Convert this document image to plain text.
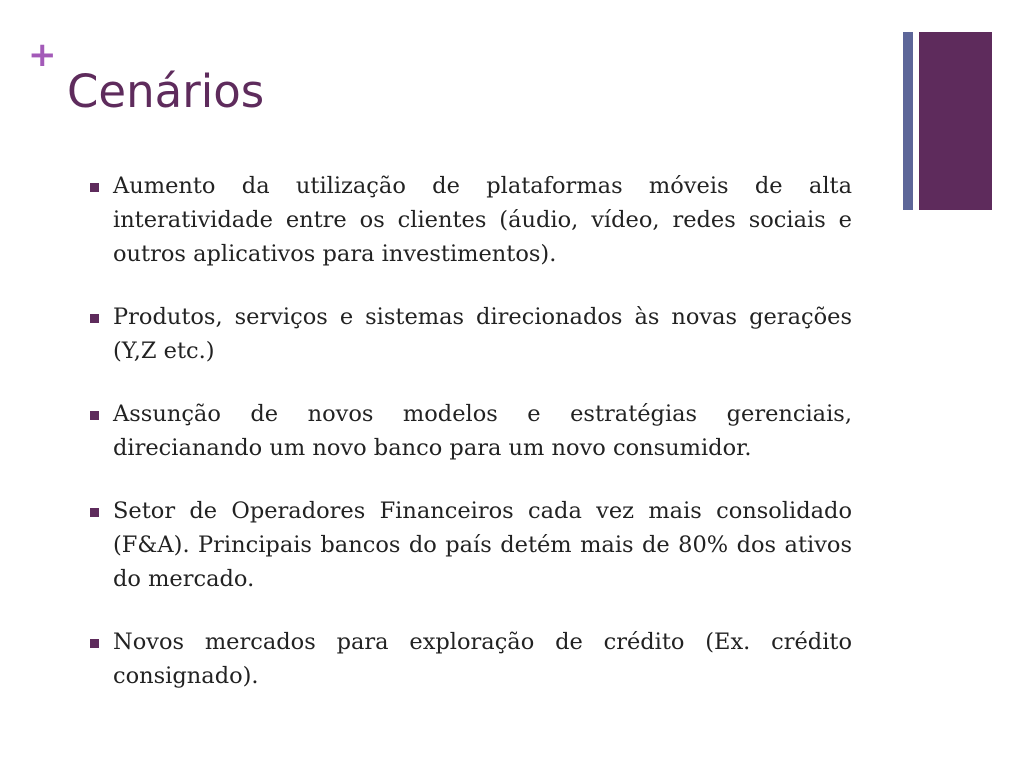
+
Cenários
Aumento da utilização de plataformas móveis de alta interatividade entre os clientes (áudio, vídeo, redes sociais e outros aplicativos para investimentos).
Produtos, serviços e sistemas direcionados às novas gerações (Y,Z etc.)
Assunção de novos modelos e estratégias gerenciais, direcianando um novo banco para um novo consumidor.
Setor de Operadores Financeiros cada vez mais consolidado (F&A). Principais bancos do país detém mais de 80% dos ativos do mercado.
Novos mercados para exploração de crédito (Ex. crédito consignado).
